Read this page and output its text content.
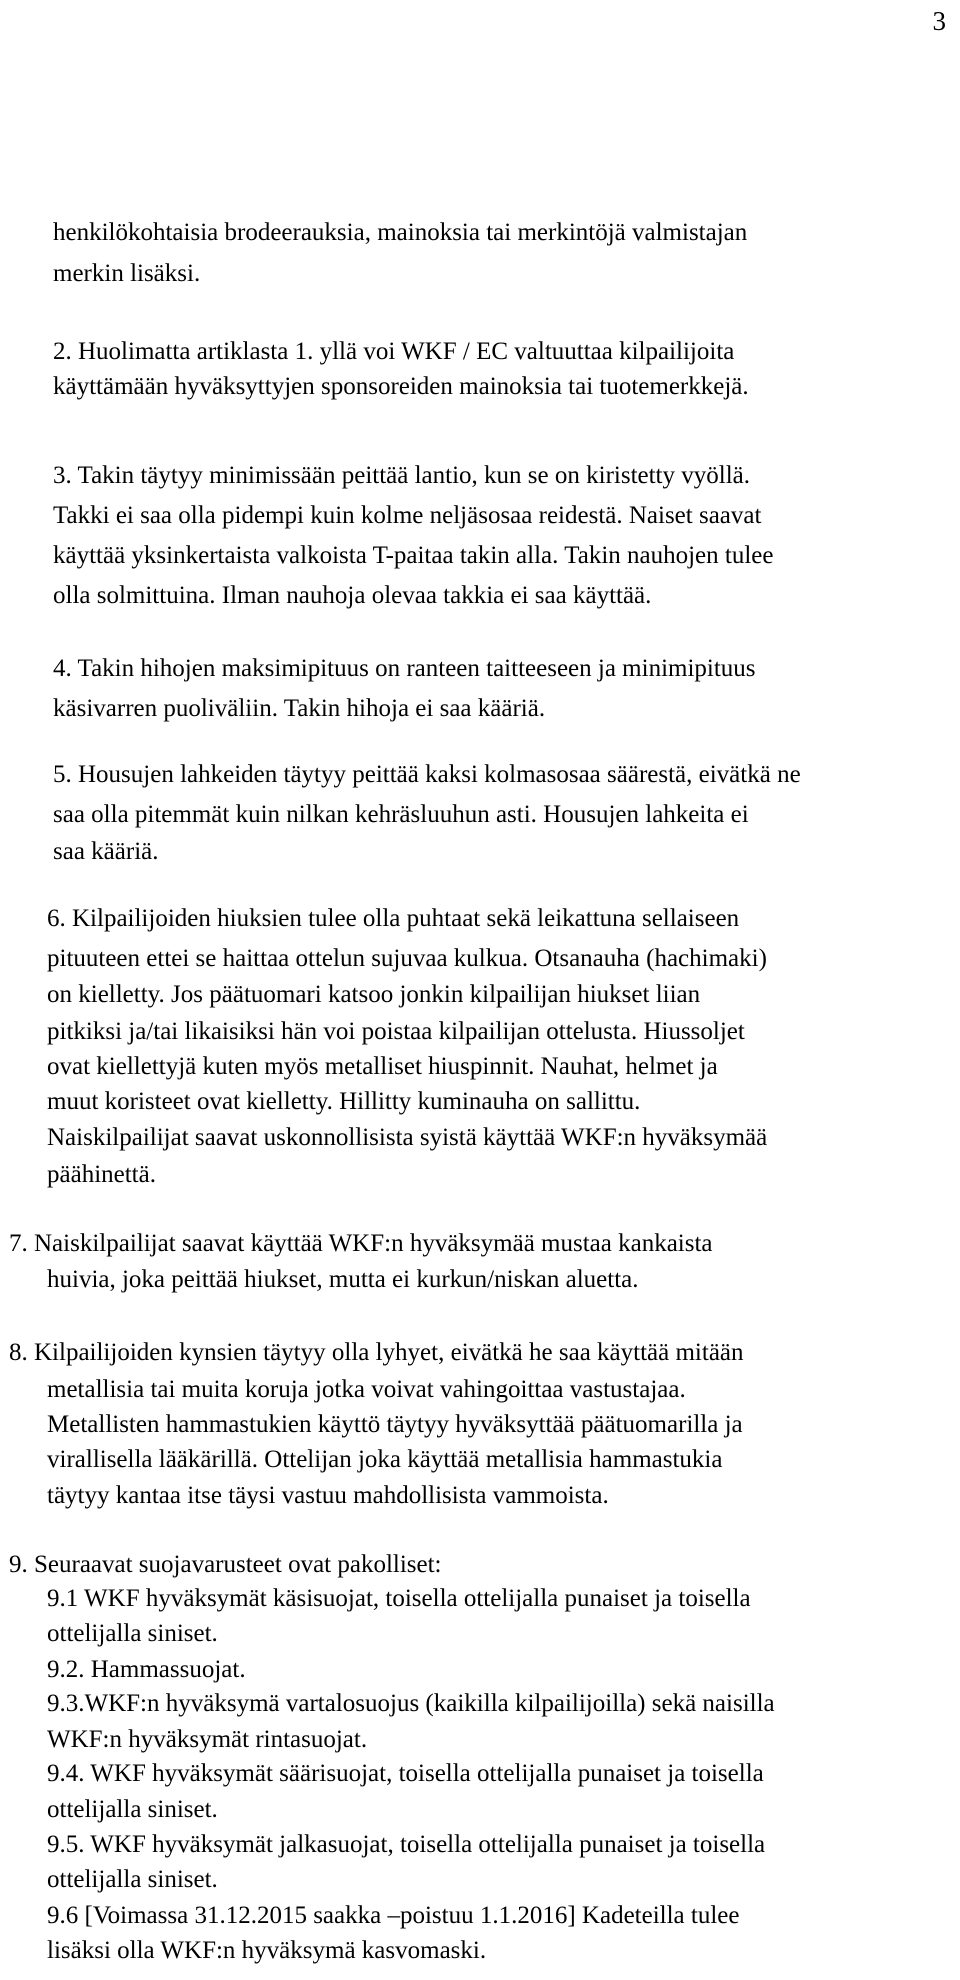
3
henkilökohtaisia brodeerauksia, mainoksia tai merkintöjä valmistajan
merkin lisäksi.
2. Huolimatta artiklasta 1. yllä voi WKF / EC valtuuttaa kilpailijoita
käyttämään hyväksyttyjen sponsoreiden mainoksia tai tuotemerkkejä.
3. Takin täytyy minimissään peittää lantio, kun se on kiristetty vyöllä.
Takki ei saa olla pidempi kuin kolme neljäsosaa reidestä. Naiset saavat
käyttää yksinkertaista valkoista T-paitaa takin alla. Takin nauhojen tulee
olla solmittuina. Ilman nauhoja olevaa takkia ei saa käyttää.
4. Takin hihojen maksimipituus on ranteen taitteeseen ja minimipituus
käsivarren puoliväliin. Takin hihoja ei saa kääriä.
5. Housujen lahkeiden täytyy peittää kaksi kolmasosaa säärestä, eivätkä ne
saa olla pitemmät kuin nilkan kehräsluuhun asti. Housujen lahkeita ei
saa kääriä.
6. Kilpailijoiden hiuksien tulee olla puhtaat sekä leikattuna sellaiseen
pituuteen ettei se haittaa ottelun sujuvaa kulkua. Otsanauha (hachimaki)
on kielletty. Jos päätuomari katsoo jonkin kilpailijan hiukset liian
pitkiksi ja/tai likaisiksi hän voi poistaa kilpailijan ottelusta. Hiussoljet
ovat kiellettyjä kuten myös metalliset hiuspinnit. Nauhat, helmet ja
muut koristeet ovat kielletty. Hillitty kuminauha on sallittu.
Naiskilpailijat saavat uskonnollisista syistä käyttää WKF:n hyväksymää
päähinettä.
7. Naiskilpailijat saavat käyttää WKF:n hyväksymää mustaa kankaista
huivia, joka peittää hiukset, mutta ei kurkun/niskan aluetta.
8. Kilpailijoiden kynsien täytyy olla lyhyet, eivätkä he saa käyttää mitään
metallisia tai muita koruja jotka voivat vahingoittaa vastustajaa.
Metallisten hammastukien käyttö täytyy hyväksyttää päätuomarilla ja
virallisella lääkärillä. Ottelijan joka käyttää metallisia hammastukia
täytyy kantaa itse täysi vastuu mahdollisista vammoista.
9. Seuraavat suojavarusteet ovat pakolliset:
9.1 WKF hyväksymät käsisuojat, toisella ottelijalla punaiset ja toisella
ottelijalla siniset.
9.2. Hammassuojat.
9.3.WKF:n hyväksymä vartalosuojus (kaikilla kilpailijoilla) sekä naisilla
WKF:n hyväksymät rintasuojat.
9.4. WKF hyväksymät säärisuojat, toisella ottelijalla punaiset ja toisella
ottelijalla siniset.
9.5. WKF hyväksymät jalkasuojat, toisella ottelijalla punaiset ja toisella
ottelijalla siniset.
9.6 [Voimassa 31.12.2015 saakka –poistuu 1.1.2016] Kadeteilla tulee
lisäksi olla WKF:n hyväksymä kasvomaski.
